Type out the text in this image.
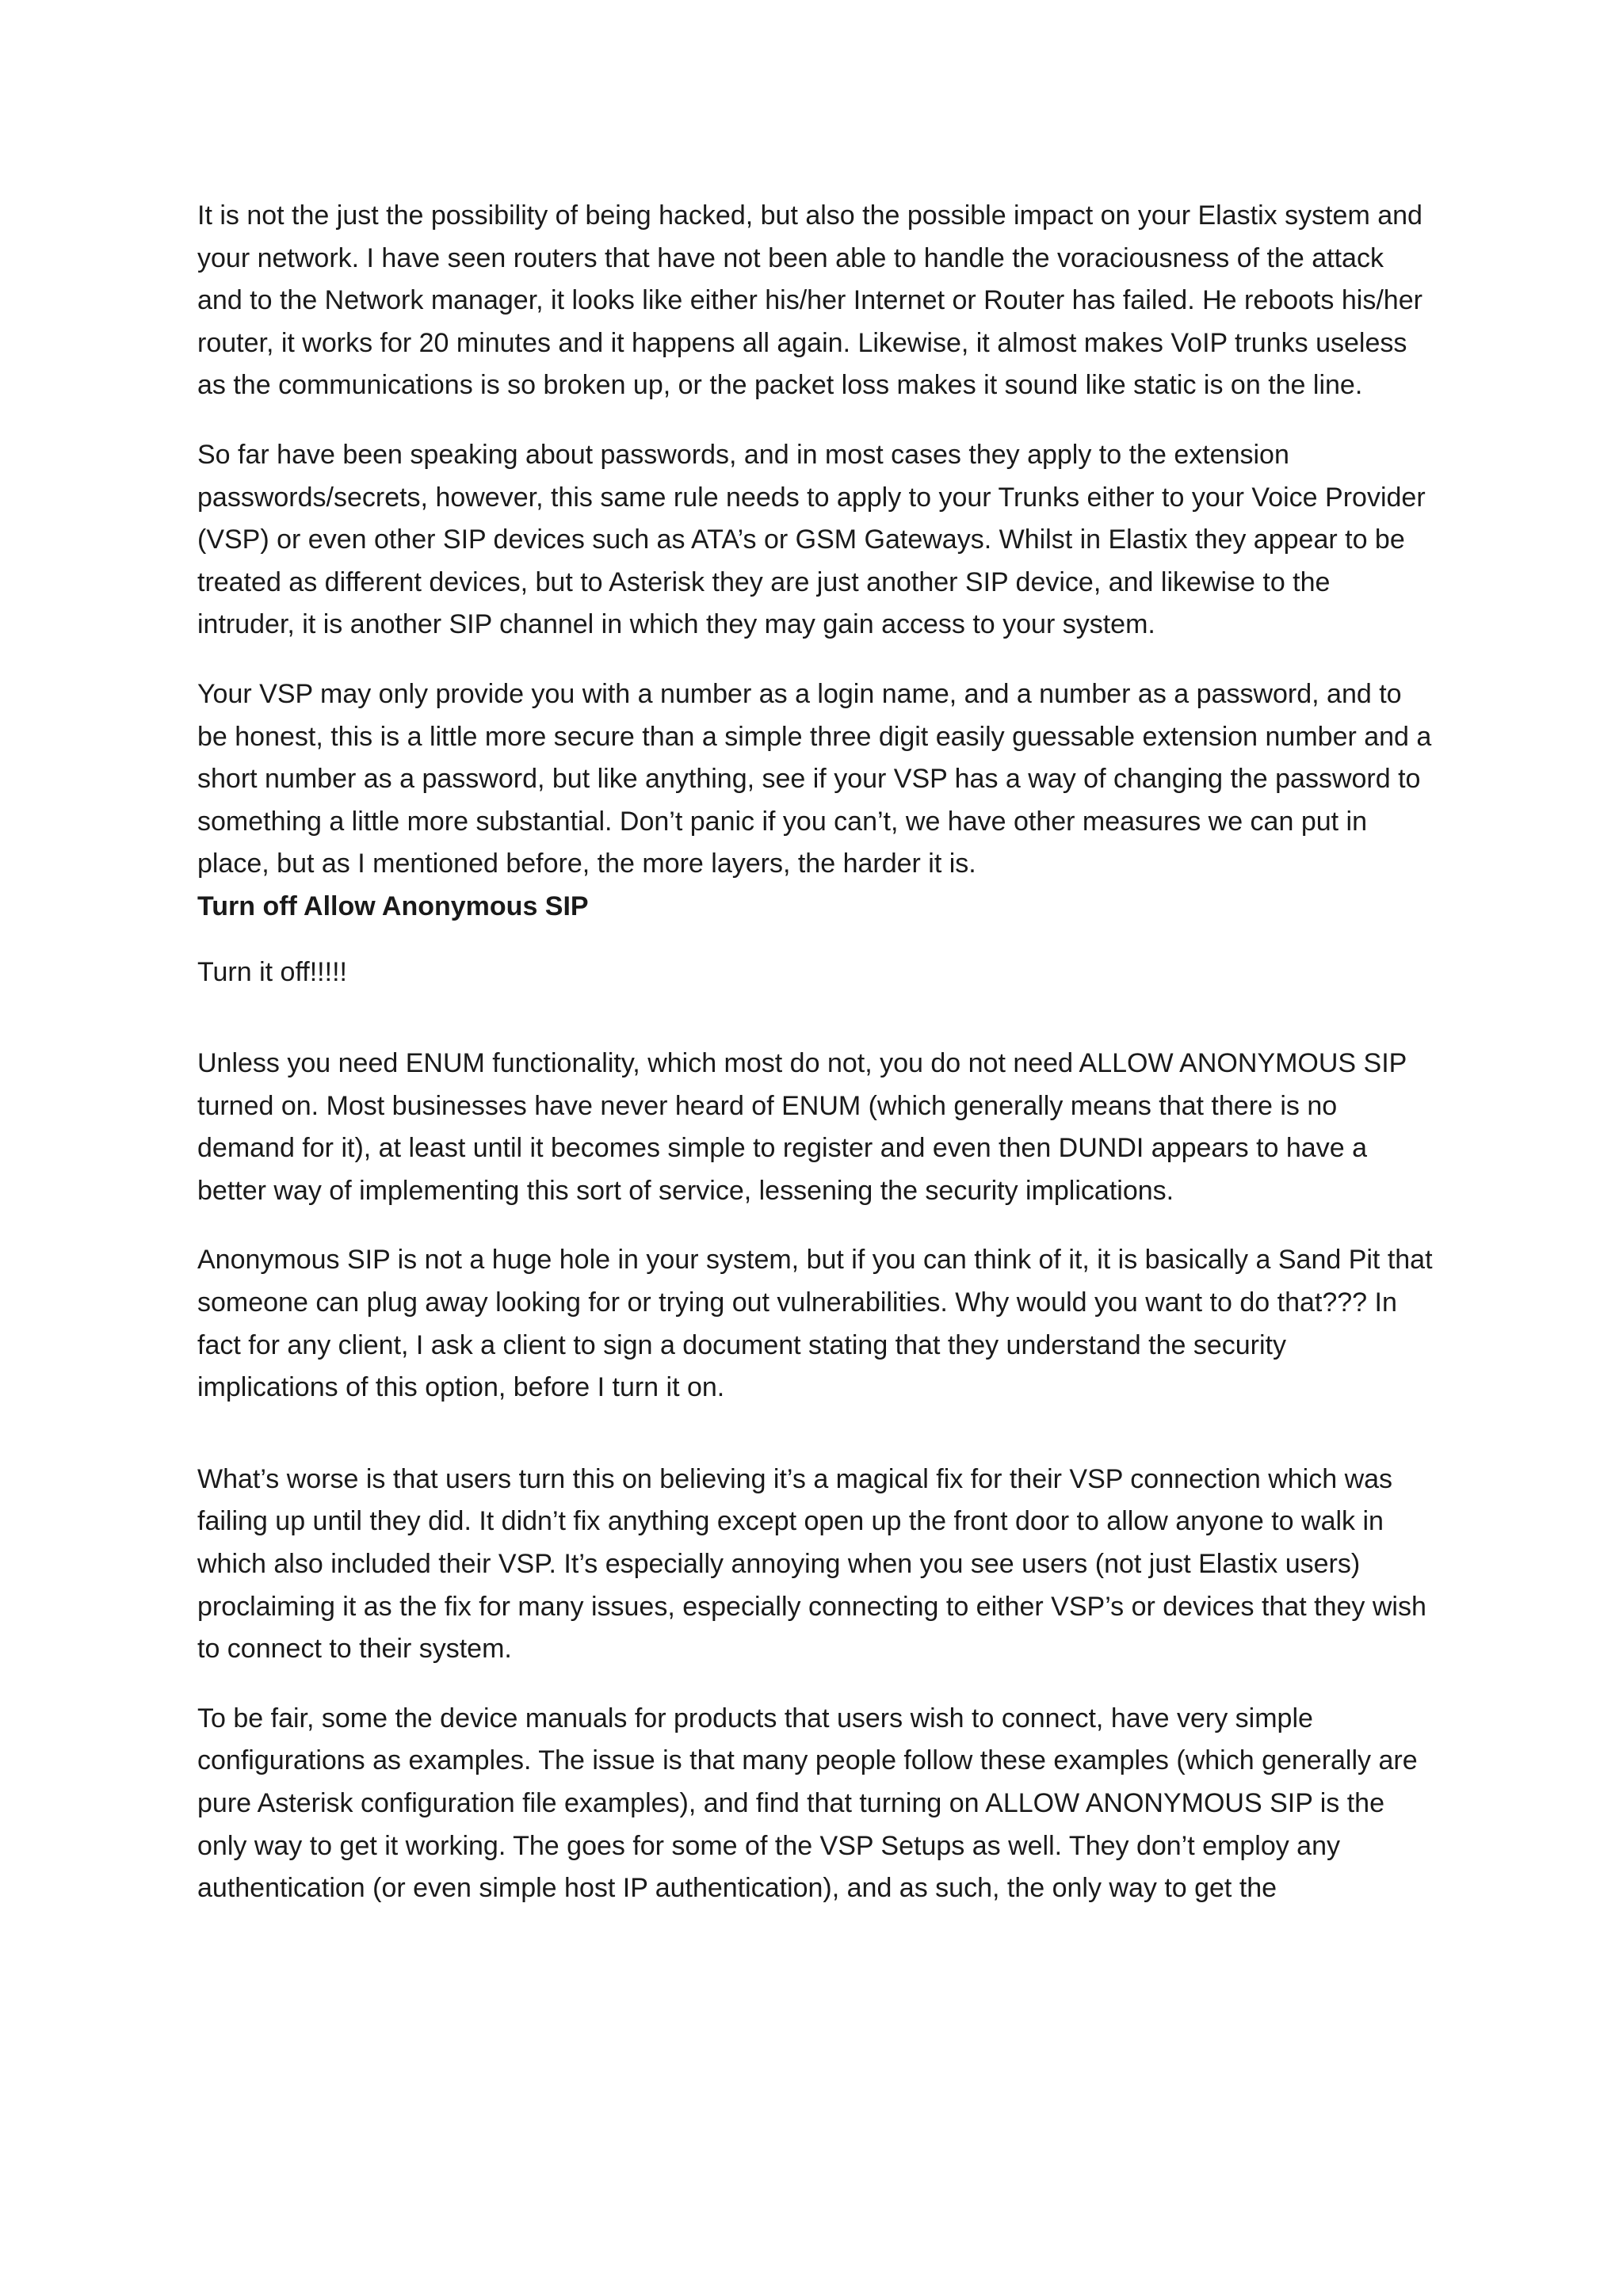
It is not the just the possibility of being hacked, but also the possible impact on your Elastix system and your network. I have seen routers that have not been able to handle the voraciousness of the attack and to the Network manager, it looks like either his/her Internet or Router has failed. He reboots his/her router, it works for 20 minutes and it happens all again. Likewise, it almost makes VoIP trunks useless as the communications is so broken up, or the packet loss makes it sound like static is on the line.

So far have been speaking about passwords, and in most cases they apply to the extension passwords/secrets, however, this same rule needs to apply to your Trunks either to your Voice Provider (VSP) or even other SIP devices such as ATA’s or GSM Gateways. Whilst in Elastix they appear to be treated as different devices, but to Asterisk they are just another SIP device, and likewise to the intruder, it is another SIP channel in which they may gain access to your system.

Your VSP may only provide you with a number as a login name, and a number as a password, and to be honest, this is a little more secure than a simple three digit easily guessable extension number and a short number as a password, but like anything, see if your VSP has a way of changing the password to something a little more substantial. Don’t panic if you can’t, we have other measures we can put in place, but as I mentioned before, the more layers, the harder it is.

Turn off Allow Anonymous SIP

Turn it off!!!!!

Unless you need ENUM functionality, which most do not, you do not need ALLOW ANONYMOUS SIP turned on. Most businesses have never heard of ENUM (which generally means that there is no demand for it), at least until it becomes simple to register and even then DUNDI appears to have a better way of implementing this sort of service, lessening the security implications.

Anonymous SIP is not a huge hole in your system, but if you can think of it, it is basically a Sand Pit that someone can plug away looking for or trying out vulnerabilities. Why would you want to do that??? In fact for any client, I ask a client to sign a document stating that they understand the security implications of this option, before I turn it on.

What’s worse is that users turn this on believing it’s a magical fix for their VSP connection which was failing up until they did. It didn’t fix anything except open up the front door to allow anyone to walk in which also included their VSP. It’s especially annoying when you see users (not just Elastix users) proclaiming it as the fix for many issues, especially connecting to either VSP’s or devices that they wish to connect to their system.

To be fair, some the device manuals for products that users wish to connect, have very simple configurations as examples. The issue is that many people follow these examples (which generally are pure Asterisk configuration file examples), and find that turning on ALLOW ANONYMOUS SIP is the only way to get it working. The goes for some of the VSP Setups as well. They don’t employ any authentication (or even simple host IP authentication), and as such, the only way to get the
